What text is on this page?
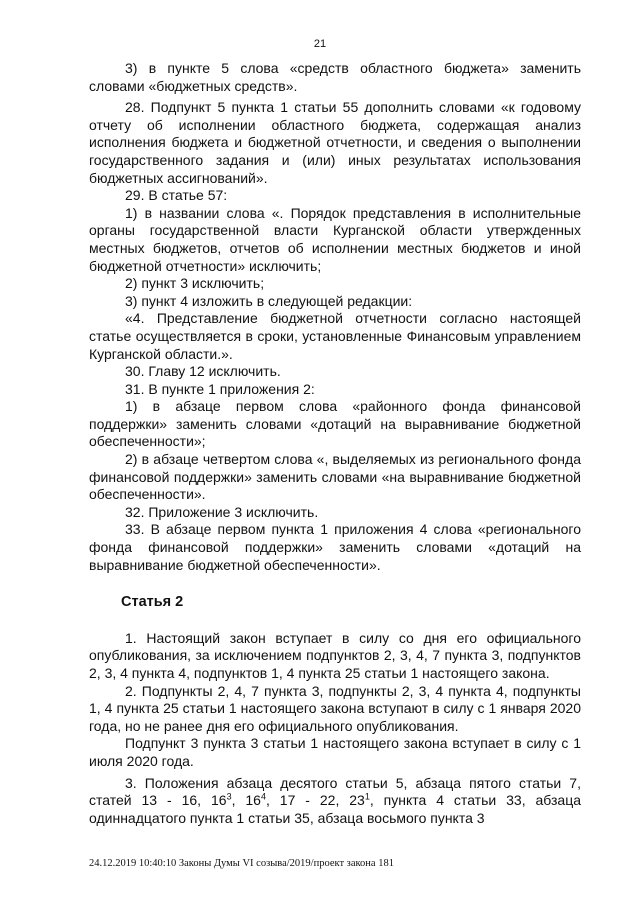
21

3) в пункте 5 слова «средств областного бюджета» заменить словами «бюджетных средств».

28. Подпункт 5 пункта 1 статьи 55 дополнить словами «к годовому отчету об исполнении областного бюджета, содержащая анализ исполнения бюджета и бюджетной отчетности, и сведения о выполнении государственного задания и (или) иных результатах использования бюджетных ассигнований».

29. В статье 57:

1) в названии слова «. Порядок представления в исполнительные органы государственной власти Курганской области утвержденных местных бюджетов, отчетов об исполнении местных бюджетов и иной бюджетной отчетности» исключить;

2) пункт 3 исключить;

3) пункт 4 изложить в следующей редакции:

«4. Представление бюджетной отчетности согласно настоящей статье осуществляется в сроки, установленные Финансовым управлением Курганской области.».

30. Главу 12 исключить.

31. В пункте 1 приложения 2:

1) в абзаце первом слова «районного фонда финансовой поддержки» заменить словами «дотаций на выравнивание бюджетной обеспеченности»;

2) в абзаце четвертом слова «, выделяемых из регионального фонда финансовой поддержки» заменить словами «на выравнивание бюджетной обеспеченности».

32. Приложение 3 исключить.

33. В абзаце первом пункта 1 приложения 4 слова «регионального фонда финансовой поддержки» заменить словами «дотаций на выравнивание бюджетной обеспеченности».

Статья 2

1. Настоящий закон вступает в силу со дня его официального опубликования, за исключением подпунктов 2, 3, 4, 7 пункта 3, подпунктов 2, 3, 4 пункта 4, подпунктов 1, 4 пункта 25 статьи 1 настоящего закона.

2. Подпункты 2, 4, 7 пункта 3, подпункты 2, 3, 4 пункта 4, подпункты 1, 4 пункта 25 статьи 1 настоящего закона вступают в силу с 1 января 2020 года, но не ранее дня его официального опубликования.

Подпункт 3 пункта 3 статьи 1 настоящего закона вступает в силу с 1 июля 2020 года.

3. Положения абзаца десятого статьи 5, абзаца пятого статьи 7, статей 13 - 16, $16^3$, $16^4$, 17 - 22, $23^1$, пункта 4 статьи 33, абзаца одиннадцатого пункта 1 статьи 35, абзаца восьмого пункта 3

24.12.2019 10:40:10 Законы Думы VI созыва/2019/проект закона 181
